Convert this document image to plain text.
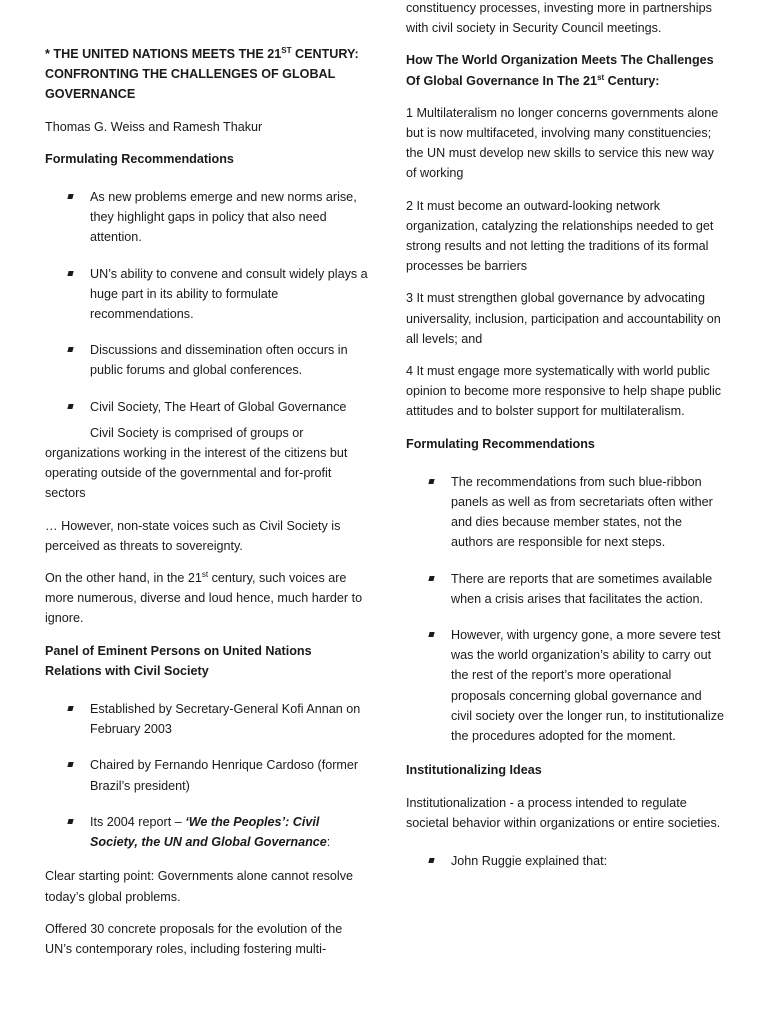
* THE UNITED NATIONS MEETS THE 21ST CENTURY: CONFRONTING THE CHALLENGES OF GLOBAL GOVERNANCE

Thomas G. Weiss and Ramesh Thakur

Formulating Recommendations

As new problems emerge and new norms arise, they highlight gaps in policy that also need attention.
UN’s ability to convene and consult widely plays a huge part in its ability to formulate recommendations.
Discussions and dissemination often occurs in public forums and global conferences.
Civil Society, The Heart of Global Governance

Civil Society is comprised of groups or organizations working in the interest of the citizens but operating outside of the governmental and for-profit sectors

… However, non-state voices such as Civil Society is perceived as threats to sovereignty.

On the other hand, in the 21st century, such voices are more numerous, diverse and loud hence, much harder to ignore.

Panel of Eminent Persons on United Nations Relations with Civil Society

Established by Secretary-General Kofi Annan on February 2003
Chaired by Fernando Henrique Cardoso (former Brazil’s president)
Its 2004 report – ‘We the Peoples’: Civil Society, the UN and Global Governance:

Clear starting point: Governments alone cannot resolve today’s global problems.

Offered 30 concrete proposals for the evolution of the UN’s contemporary roles, including fostering multi-

constituency processes, investing more in partnerships with civil society in Security Council meetings.

How The World Organization Meets The Challenges Of Global Governance In The 21st Century:

1 Multilateralism no longer concerns governments alone but is now multifaceted, involving many constituencies; the UN must develop new skills to service this new way of working

2 It must become an outward-looking network organization, catalyzing the relationships needed to get strong results and not letting the traditions of its formal processes be barriers

3 It must strengthen global governance by advocating universality, inclusion, participation and accountability on all levels; and

4 It must engage more systematically with world public opinion to become more responsive to help shape public attitudes and to bolster support for multilateralism.

Formulating Recommendations

The recommendations from such blue-ribbon panels as well as from secretariats often wither and dies because member states, not the authors are responsible for next steps.
There are reports that are sometimes available when a crisis arises that facilitates the action.
However, with urgency gone, a more severe test was the world organization’s ability to carry out the rest of the report’s more operational proposals concerning global governance and civil society over the longer run, to institutionalize the procedures adopted for the moment.

Institutionalizing Ideas

Institutionalization - a process intended to regulate societal behavior within organizations or entire societies.

John Ruggie explained that:
